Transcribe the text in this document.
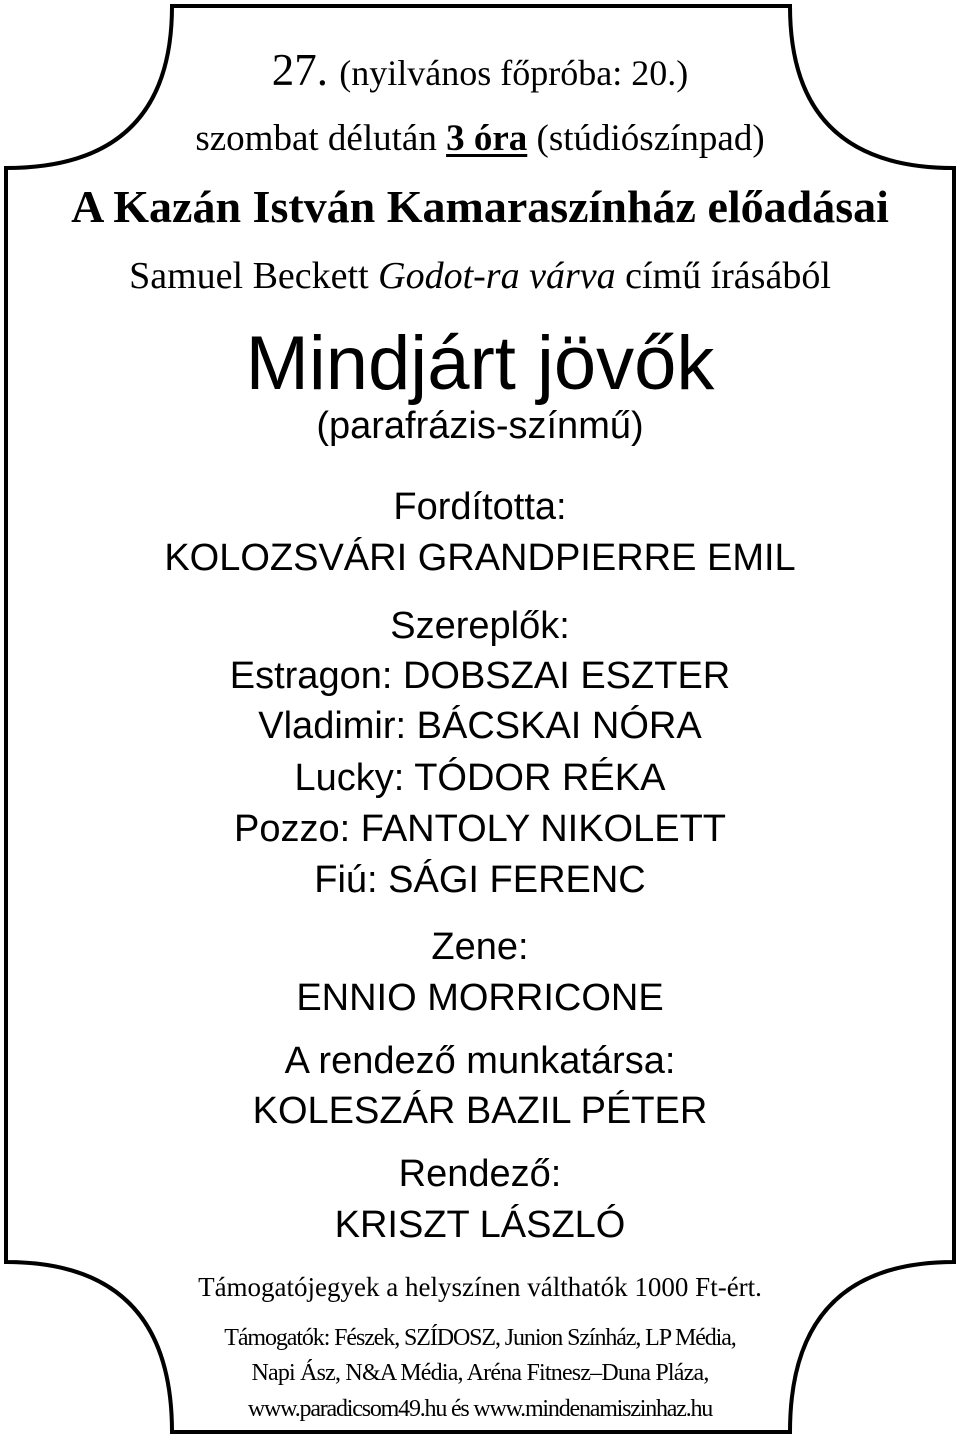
27. (nyilvános főpróba: 20.)
szombat délután 3 óra (stúdiószínpad)
A Kazán István Kamaraszínház előadásai
Samuel Beckett Godot-ra várva című írásából
Mindjárt jövők
(parafrázis-színmű)
Fordította:
KOLOZSVÁRI GRANDPIERRE EMIL
Szereplők:
Estragon: DOBSZAI ESZTER
Vladimir: BÁCSKAI NÓRA
Lucky: TÓDOR RÉKA
Pozzo: FANTOLY NIKOLETT
Fiú: SÁGI FERENC
Zene:
ENNIO MORRICONE
A rendező munkatársa:
KOLESZÁR BAZIL PÉTER
Rendező:
KRISZT LÁSZLÓ
Támogatójegyek a helyszínen válthatók 1000 Ft-ért.
Támogatók: Fészek, SZÍDOSZ, Junion Színház, LP Média,
Napi Ász, N&A Média, Aréna Fitnesz–Duna Pláza,
www.paradicsom49.hu és www.mindenamiszinhaz.hu
